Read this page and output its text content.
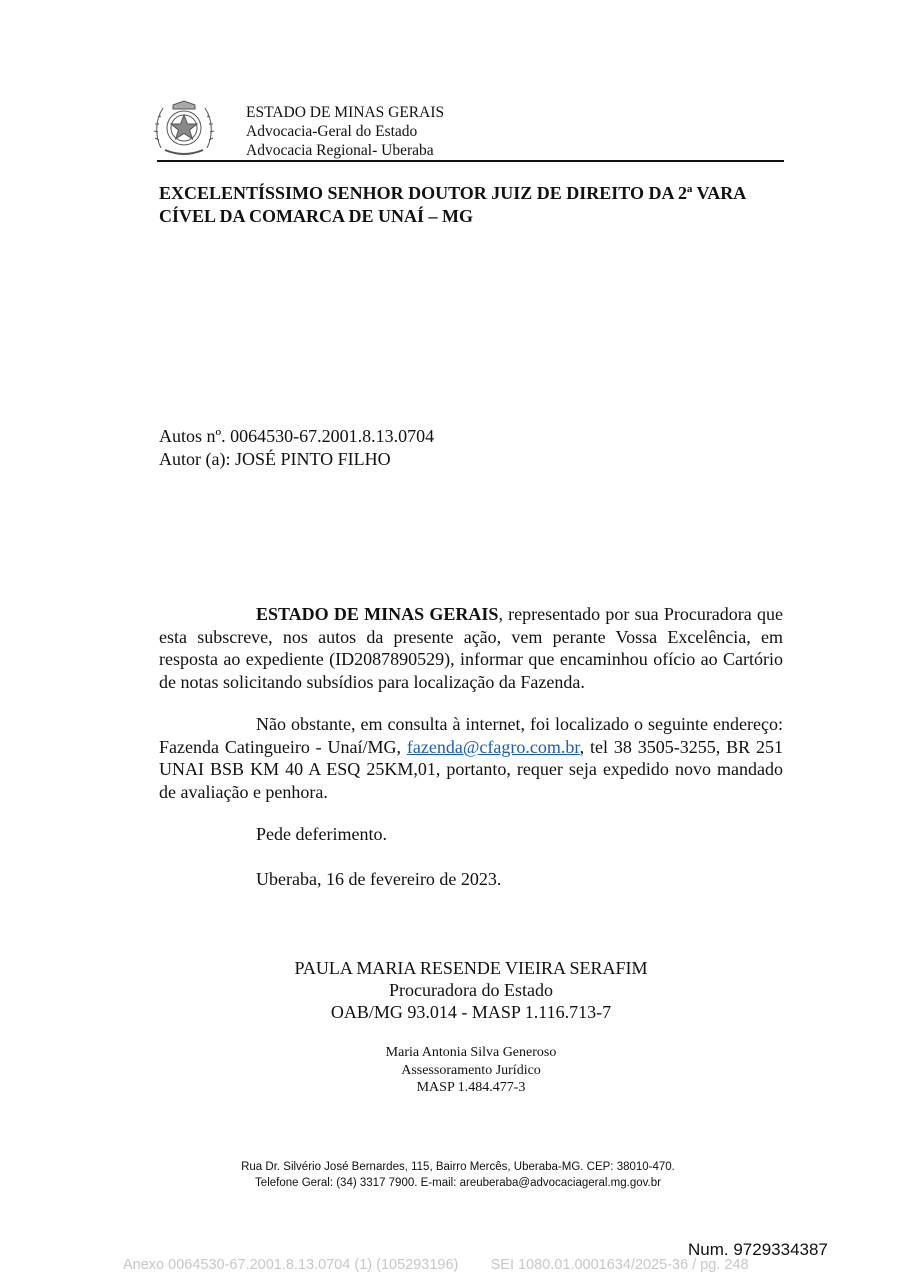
ESTADO DE MINAS GERAIS
Advocacia-Geral do Estado
Advocacia Regional- Uberaba
EXCELENTÍSSIMO SENHOR DOUTOR JUIZ DE DIREITO DA 2ª VARA CÍVEL DA COMARCA DE UNAÍ – MG
Autos nº. 0064530-67.2001.8.13.0704
Autor (a): JOSÉ PINTO FILHO
ESTADO DE MINAS GERAIS, representado por sua Procuradora que esta subscreve, nos autos da presente ação, vem perante Vossa Excelência, em resposta ao expediente (ID2087890529), informar que encaminhou ofício ao Cartório de notas solicitando subsídios para localização da Fazenda.
Não obstante, em consulta à internet, foi localizado o seguinte endereço: Fazenda Catingueiro - Unaí/MG, fazenda@cfagro.com.br, tel 38 3505-3255, BR 251 UNAI BSB KM 40 A ESQ 25KM,01, portanto, requer seja expedido novo mandado de avaliação e penhora.
Pede deferimento.
Uberaba, 16 de fevereiro de 2023.
PAULA MARIA RESENDE VIEIRA SERAFIM
Procuradora do Estado
OAB/MG 93.014 - MASP 1.116.713-7
Maria Antonia Silva Generoso
Assessoramento Jurídico
MASP 1.484.477-3
Rua Dr. Silvério José Bernardes, 115, Bairro Mercês, Uberaba-MG. CEP: 38010-470.
Telefone Geral: (34) 3317 7900. E-mail: areuberaba@advocaciageral.mg.gov.br
Num. 9729334387
Anexo 0064530-67.2001.8.13.0704 (1) (105293196) SEI 1080.01.0001634/2025-36 / pg. 248
